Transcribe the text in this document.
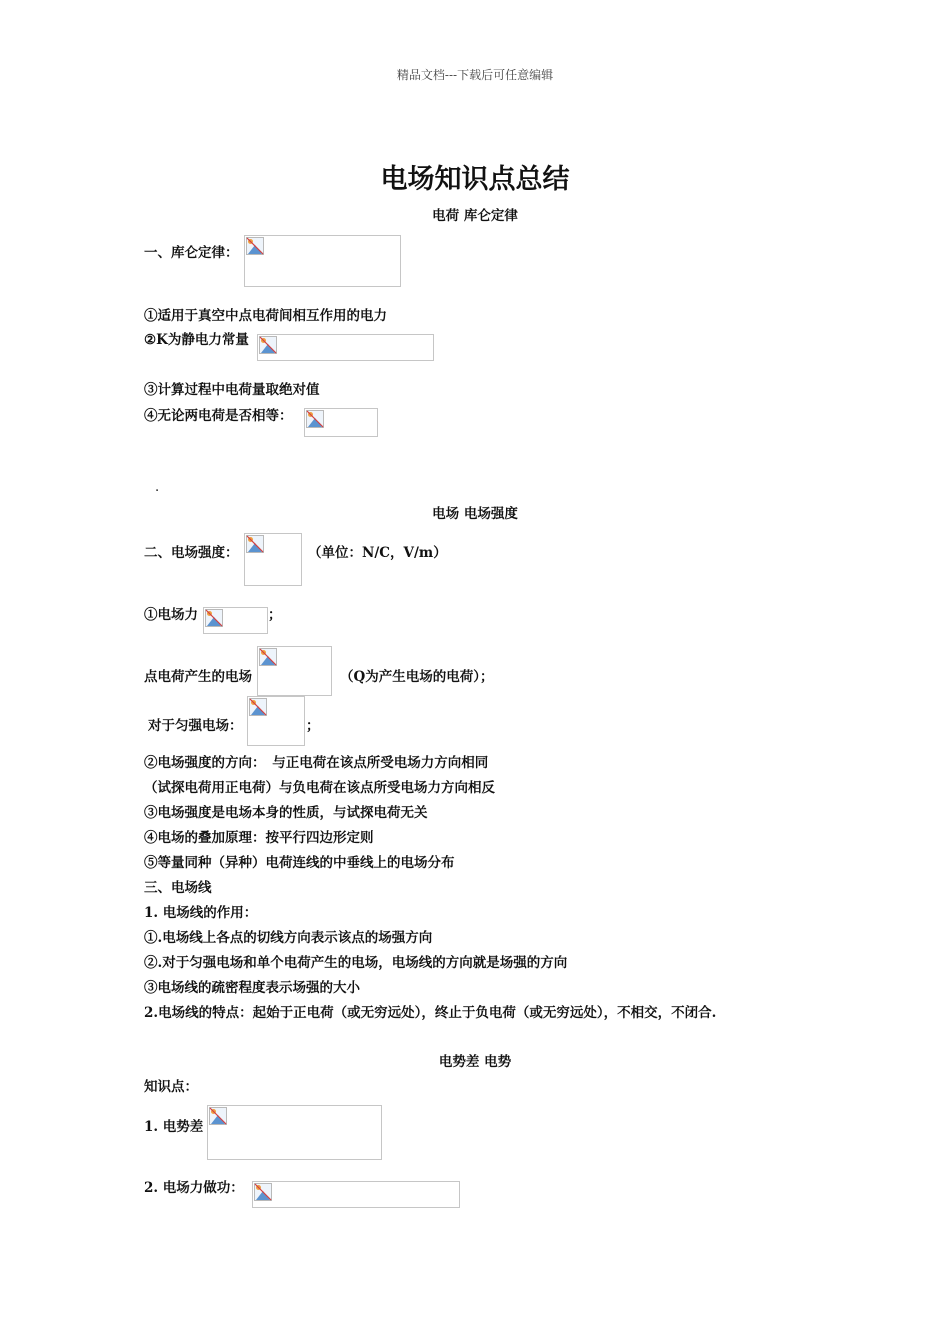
精品文档---下载后可任意编辑
电场知识点总结
电荷 库仑定律
一、库仑定律：
①适用于真空中点电荷间相互作用的电力
②K为静电力常量
③计算过程中电荷量取绝对值
④无论两电荷是否相等：
.
电场 电场强度
二、电场强度：	（单位：N/C，V/m）
①电场力	；
点电荷产生的电场	（Q为产生电场的电荷）；
对于匀强电场：	；
②电场强度的方向：　与正电荷在该点所受电场力方向相同
（试探电荷用正电荷）与负电荷在该点所受电场力方向相反
③电场强度是电场本身的性质，与试探电荷无关
④电场的叠加原理：按平行四边形定则
⑤等量同种（异种）电荷连线的中垂线上的电场分布
三、电场线
1. 电场线的作用：
①.电场线上各点的切线方向表示该点的场强方向
②.对于匀强电场和单个电荷产生的电场，电场线的方向就是场强的方向
③电场线的疏密程度表示场强的大小
2.电场线的特点：起始于正电荷（或无穷远处），终止于负电荷（或无穷远处），不相交，不闭合.
电势差 电势
知识点：
1. 电势差
2. 电场力做功：
